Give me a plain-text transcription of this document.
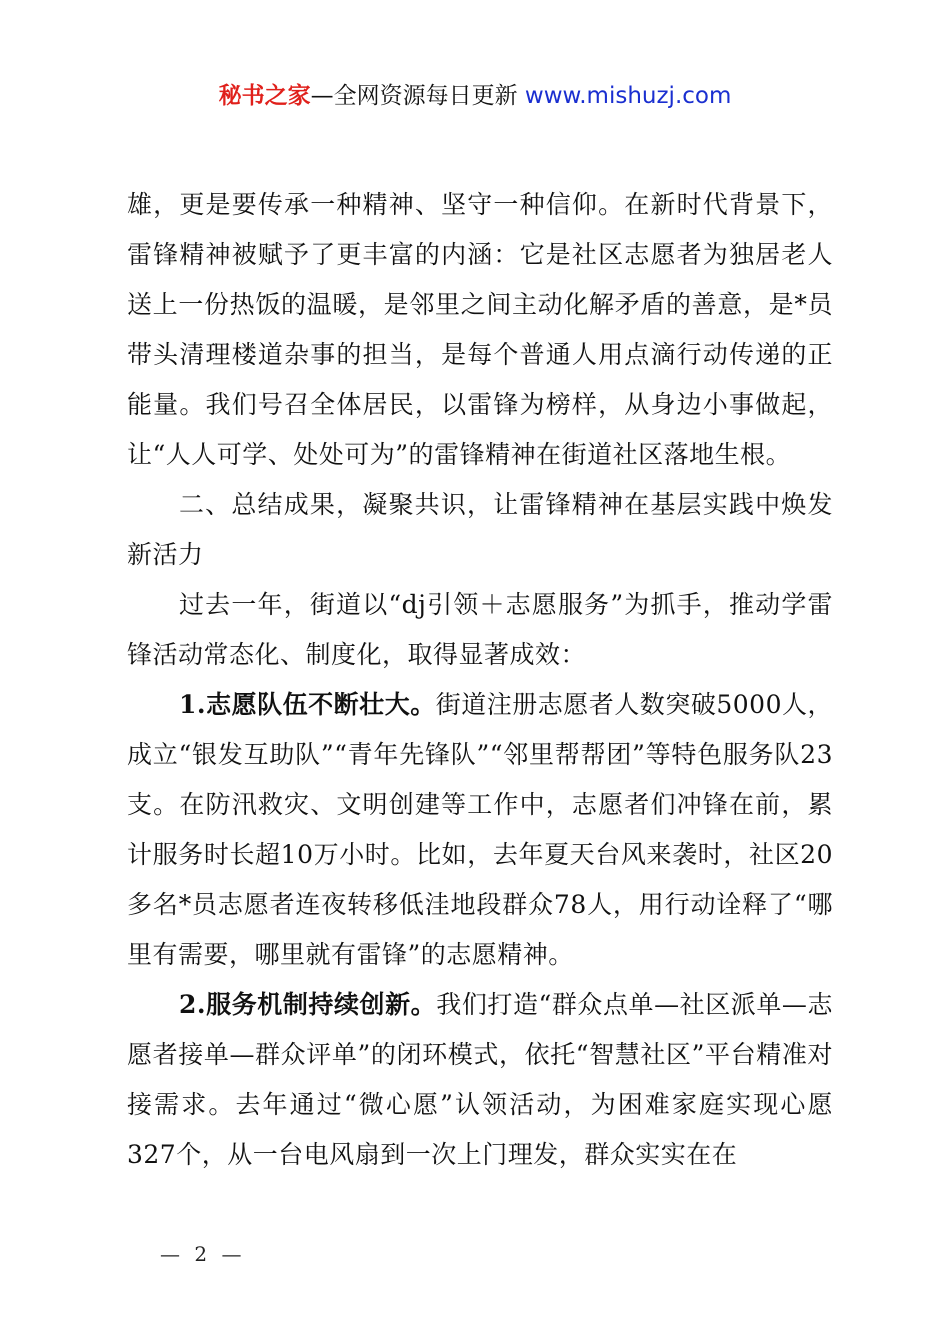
秘书之家—全网资源每日更新 www.mishuzj.com

雄，更是要传承一种精神、坚守一种信仰。在新时代背景下，雷锋精神被赋予了更丰富的内涵：它是社区志愿者为独居老人送上一份热饭的温暖，是邻里之间主动化解矛盾的善意，是*员带头清理楼道杂事的担当，是每个普通人用点滴行动传递的正能量。我们号召全体居民，以雷锋为榜样，从身边小事做起，让“人人可学、处处可为”的雷锋精神在街道社区落地生根。

二、总结成果，凝聚共识，让雷锋精神在基层实践中焕发新活力

过去一年，街道以“dj引领＋志愿服务”为抓手，推动学雷锋活动常态化、制度化，取得显著成效：

1.志愿队伍不断壮大。街道注册志愿者人数突破5000人，成立“银发互助队”“青年先锋队”“邻里帮帮团”等特色服务队23支。在防汛救灾、文明创建等工作中，志愿者们冲锋在前，累计服务时长超10万小时。比如，去年夏天台风来袭时，社区20多名*员志愿者连夜转移低洼地段群众78人，用行动诠释了“哪里有需要，哪里就有雷锋”的志愿精神。

2.服务机制持续创新。我们打造“群众点单—社区派单—志愿者接单—群众评单”的闭环模式，依托“智慧社区”平台精准对接需求。去年通过“微心愿”认领活动，为困难家庭实现心愿327个，从一台电风扇到一次上门理发，群众实实在在

— 2 —
